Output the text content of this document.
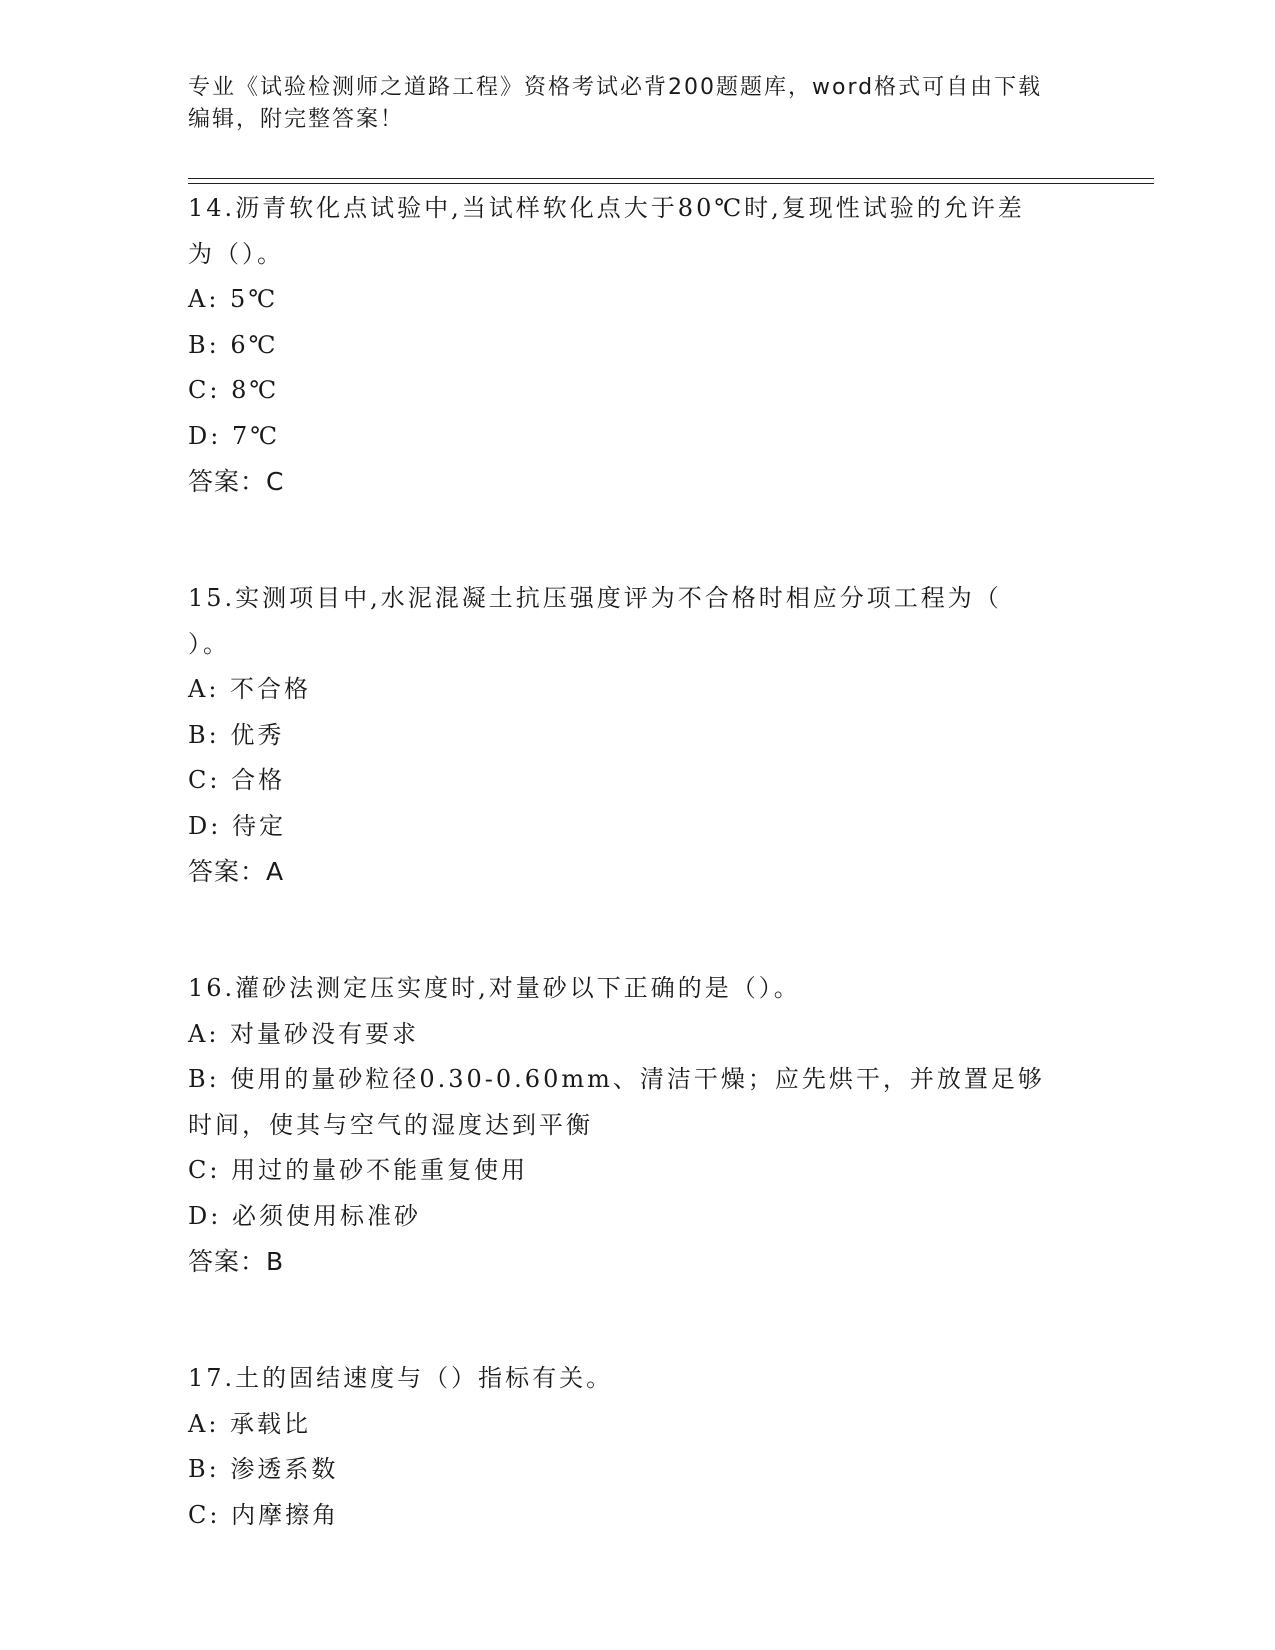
专业《试验检测师之道路工程》资格考试必背200题题库，word格式可自由下载
编辑，附完整答案！
14.沥青软化点试验中,当试样软化点大于80℃时,复现性试验的允许差
为（）。
A: 5℃
B: 6℃
C: 8℃
D: 7℃
答案：C
15.实测项目中,水泥混凝土抗压强度评为不合格时相应分项工程为（
）。
A: 不合格
B: 优秀
C: 合格
D: 待定
答案：A
16.灌砂法测定压实度时,对量砂以下正确的是（）。
A: 对量砂没有要求
B: 使用的量砂粒径0.30-0.60mm、清洁干燥；应先烘干，并放置足够
时间，使其与空气的湿度达到平衡
C: 用过的量砂不能重复使用
D: 必须使用标准砂
答案：B
17.土的固结速度与（）指标有关。
A: 承载比
B: 渗透系数
C: 内摩擦角
